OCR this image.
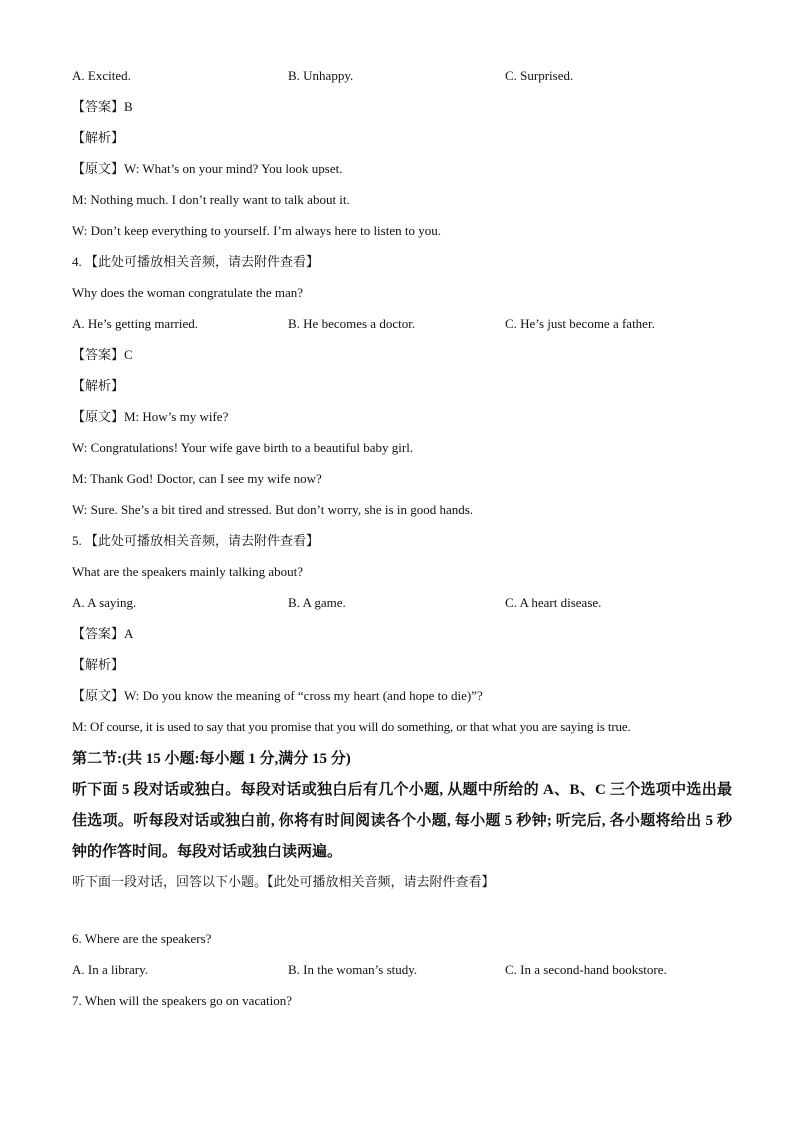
A. Excited.	B. Unhappy.	C. Surprised.
【答案】B
【解析】
【原文】W: What’s on your mind? You look upset.
M: Nothing much. I don’t really want to talk about it.
W: Don’t keep everything to yourself. I’m always here to listen to you.
4. 【此处可播放相关音频，请去附件查看】
Why does the woman congratulate the man?
A. He’s getting married.	B. He becomes a doctor.	C. He’s just become a father.
【答案】C
【解析】
【原文】M: How’s my wife?
W: Congratulations! Your wife gave birth to a beautiful baby girl.
M: Thank God! Doctor, can I see my wife now?
W: Sure. She’s a bit tired and stressed. But don’t worry, she is in good hands.
5. 【此处可播放相关音频，请去附件查看】
What are the speakers mainly talking about?
A. A saying.	B. A game.	C. A heart disease.
【答案】A
【解析】
【原文】W: Do you know the meaning of “cross my heart (and hope to die)”?
M: Of course, it is used to say that you promise that you will do something, or that what you are saying is true.
第二节:(共 15 小题:每小题 1 分,满分 15 分)
听下面 5 段对话或独白。每段对话或独白后有几个小题, 从题中所给的 A、B、C 三个选项中选出最佳选项。听每段对话或独白前, 你将有时间阅读各个小题, 每小题 5 秒钟; 听完后, 各小题将给出 5 秒钟的作答时间。每段对话或独白读两遍。
听下面一段对话，回答以下小题。【此处可播放相关音频，请去附件查看】
6. Where are the speakers?
A. In a library.	B. In the woman’s study.	C. In a second-hand bookstore.
7. When will the speakers go on vacation?
